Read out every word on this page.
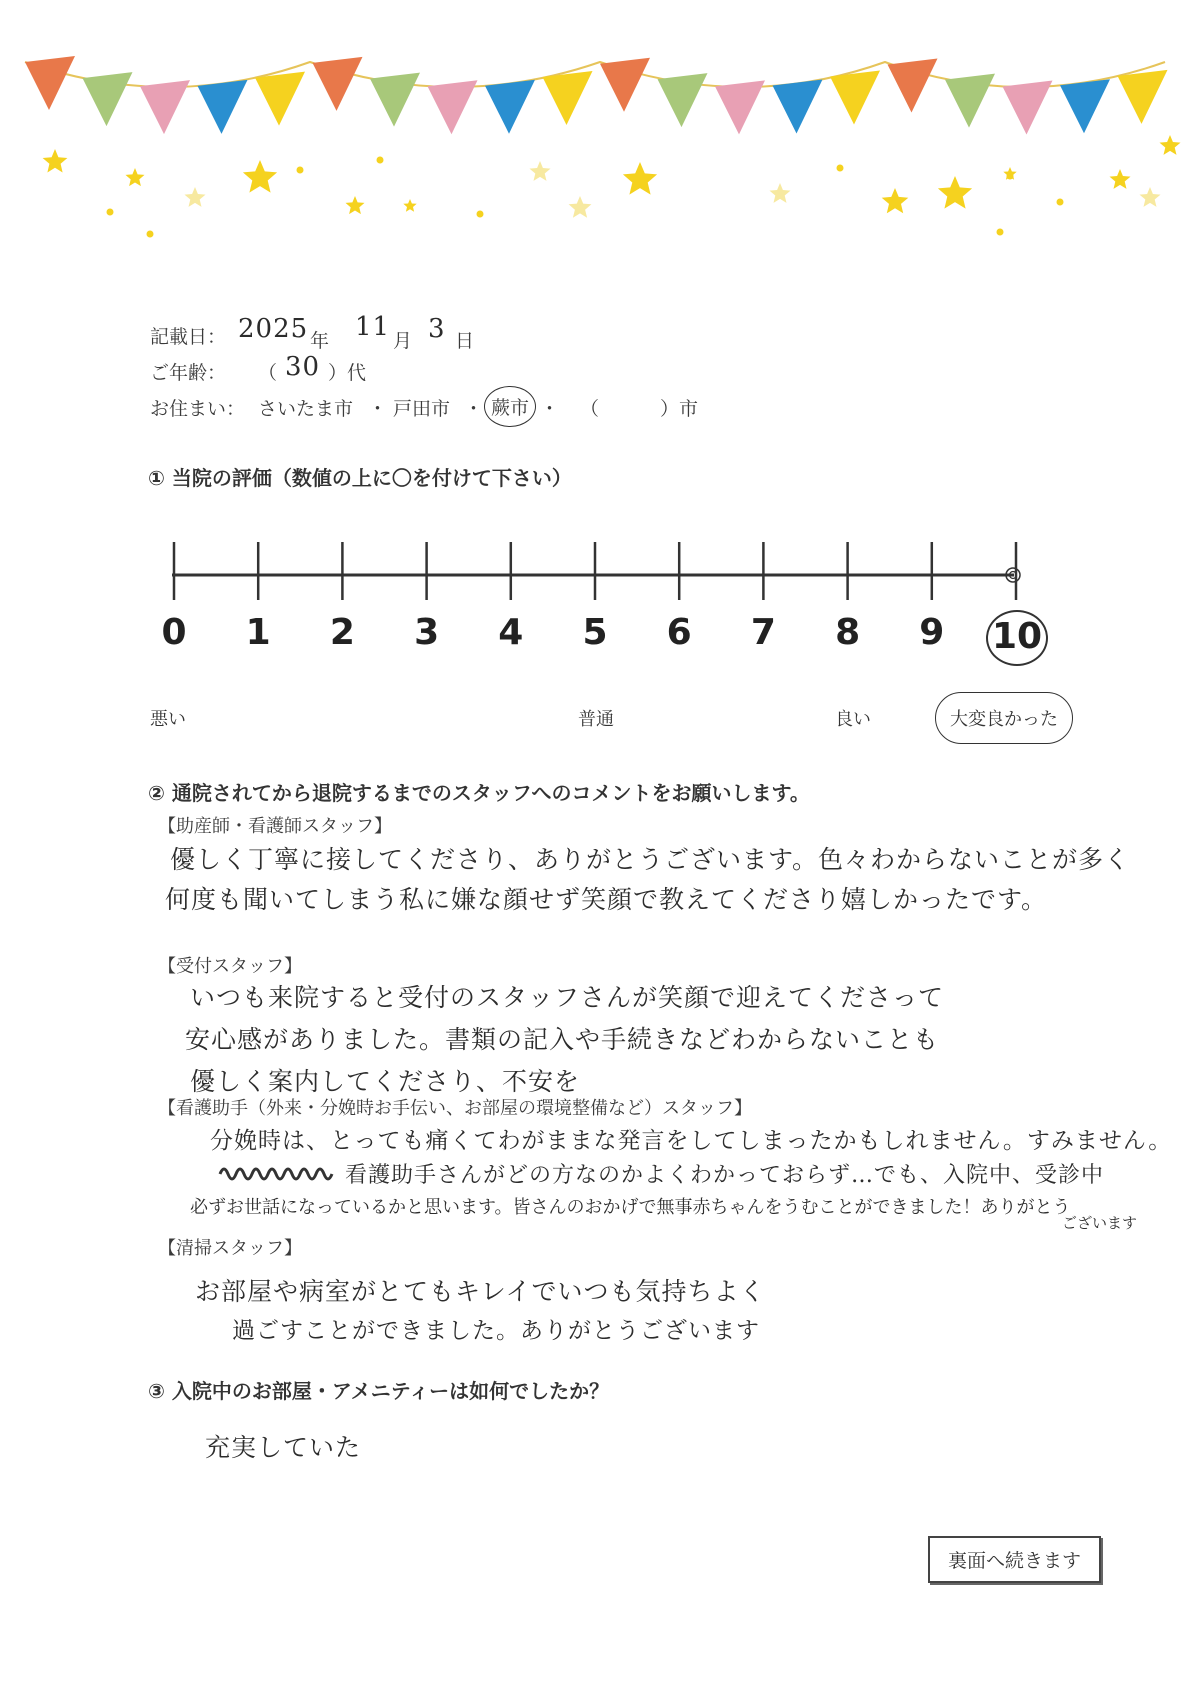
記載日： 2025 年 11 月 3 日
ご年齢： （ 30 ）代
お住まい： さいたま市 ・ 戸田市 ・ 蕨市 ・ （	）市
① 当院の評価（数値の上に〇を付けて下さい）
0	1	2	3	4	5	6	7	8	9	10
悪い	普通	良い	大変良かった
② 通院されてから退院するまでのスタッフへのコメントをお願いします。
【助産師・看護師スタッフ】
優しく丁寧に接してくださり、ありがとうございます。色々わからないことが多く
何度も聞いてしまう私に嫌な顔せず笑顔で教えてくださり嬉しかったです。
【受付スタッフ】
いつも来院すると受付のスタッフさんが笑顔で迎えてくださって
安心感がありました。書類の記入や手続きなどわからないことも
優しく案内してくださり、不安を
【看護助手（外来・分娩時お手伝い、お部屋の環境整備など）スタッフ】
分娩時は、とっても痛くてわがままな発言をしてしまったかもしれません。すみません。
看護助手さんがどの方なのかよくわかっておらず…でも、入院中、受診中
必ずお世話になっているかと思います。皆さんのおかげで無事赤ちゃんをうむことができました！ありがとう
ございます
【清掃スタッフ】
お部屋や病室がとてもキレイでいつも気持ちよく
過ごすことができました。ありがとうございます
③ 入院中のお部屋・アメニティーは如何でしたか？
充実していた
裏面へ続きます
